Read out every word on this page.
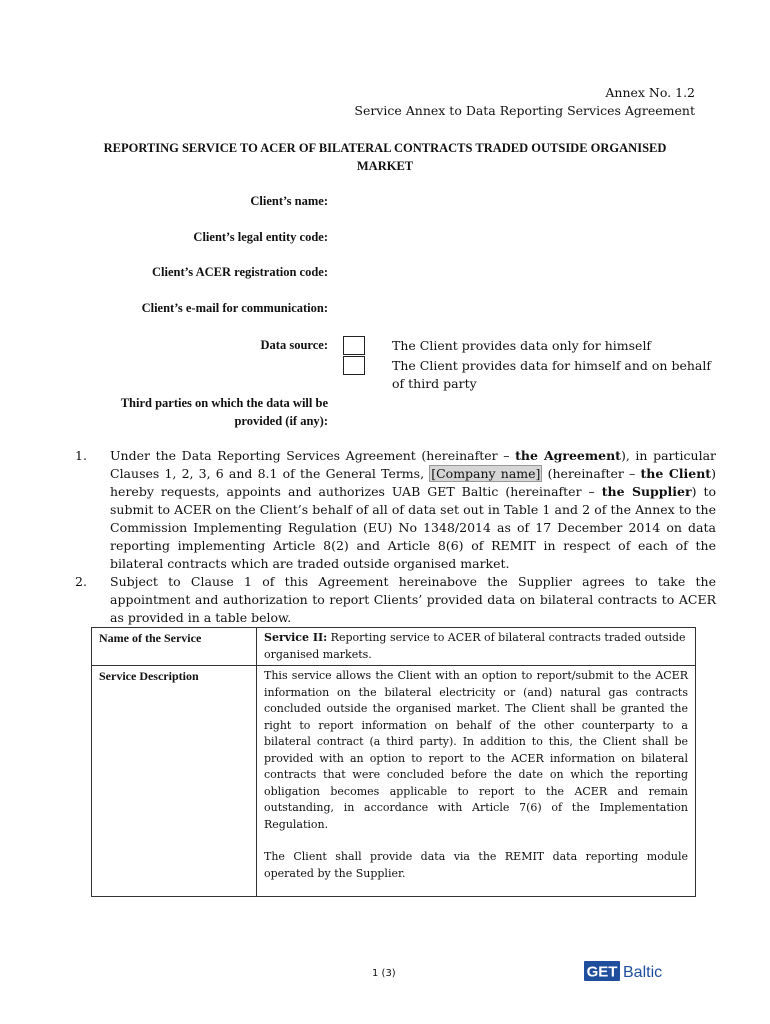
Annex No. 1.2
Service Annex to Data Reporting Services Agreement
REPORTING SERVICE TO ACER OF BILATERAL CONTRACTS TRADED OUTSIDE ORGANISED
MARKET
Client’s name:
Client’s legal entity code:
Client’s ACER registration code:
Client’s e-mail for communication:
Data source:	The Client provides data only for himself
The Client provides data for himself and on behalf of third party
Third parties on which the data will be
provided (if any):
1. Under the Data Reporting Services Agreement (hereinafter – the Agreement), in particular Clauses 1, 2, 3, 6 and 8.1 of the General Terms, [Company name] (hereinafter – the Client) hereby requests, appoints and authorizes UAB GET Baltic (hereinafter – the Supplier) to submit to ACER on the Client’s behalf of all of data set out in Table 1 and 2 of the Annex to the Commission Implementing Regulation (EU) No 1348/2014 as of 17 December 2014 on data reporting implementing Article 8(2) and Article 8(6) of REMIT in respect of each of the bilateral contracts which are traded outside organised market.
2. Subject to Clause 1 of this Agreement hereinabove the Supplier agrees to take the appointment and authorization to report Clients’ provided data on bilateral contracts to ACER as provided in a table below.
Name of the Service	Service II: Reporting service to ACER of bilateral contracts traded outside organised markets.
Service Description	This service allows the Client with an option to report/submit to the ACER information on the bilateral electricity or (and) natural gas contracts concluded outside the organised market. The Client shall be granted the right to report information on behalf of the other counterparty to a bilateral contract (a third party). In addition to this, the Client shall be provided with an option to report to the ACER information on bilateral contracts that were concluded before the date on which the reporting obligation becomes applicable to report to the ACER and remain outstanding, in accordance with Article 7(6) of the Implementation Regulation.
The Client shall provide data via the REMIT data reporting module operated by the Supplier.
1 (3)	GET Baltic
